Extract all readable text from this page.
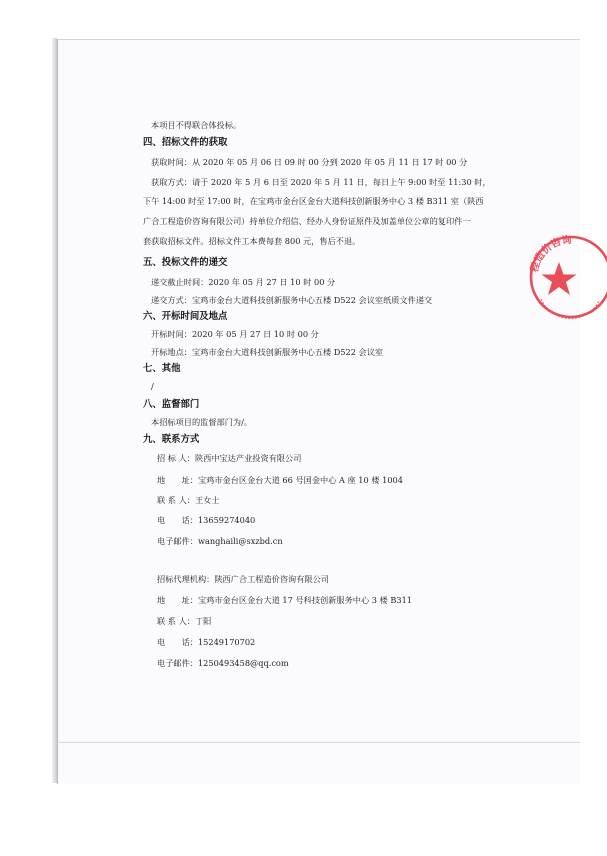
本项目不得联合体投标。
四、招标文件的获取
获取时间：从 2020 年 05 月 06 日 09 时 00 分到 2020 年 05 月 11 日 17 时 00 分
获取方式：请于 2020 年 5 月 6 日至 2020 年 5 月 11 日，每日上午 9:00 时至 11:30 时，
下午 14:00 时至 17:00 时，在宝鸡市金台区金台大道科技创新服务中心 3 楼 B311 室（陕西
广合工程造价咨询有限公司）持单位介绍信、经办人身份证原件及加盖单位公章的复印件一
套获取招标文件。招标文件工本费每套 800 元，售后不退。
五、投标文件的递交
递交截止时间：2020 年 05 月 27 日 10 时 00 分
递交方式：宝鸡市金台大道科技创新服务中心五楼 D522 会议室纸质文件递交
六、开标时间及地点
开标时间：2020 年 05 月 27 日 10 时 00 分
开标地点：宝鸡市金台大道科技创新服务中心五楼 D522 会议室
七、其他
/
八、监督部门
本招标项目的监督部门为/。
九、联系方式
招 标 人：陕西中宝达产业投资有限公司
地　　址：宝鸡市金台区金台大道 66 号国金中心 A 座 10 楼 1004
联 系 人：王女士
电　　话：13659274040
电子邮件：wanghaili@sxzbd.cn
招标代理机构：陕西广合工程造价咨询有限公司
地　　址：宝鸡市金台区金台大道 17 号科技创新服务中心 3 楼 B311
联 系 人：丁阳
电　　话：15249170702
电子邮件：1250493458@qq.com
程造价咨询
